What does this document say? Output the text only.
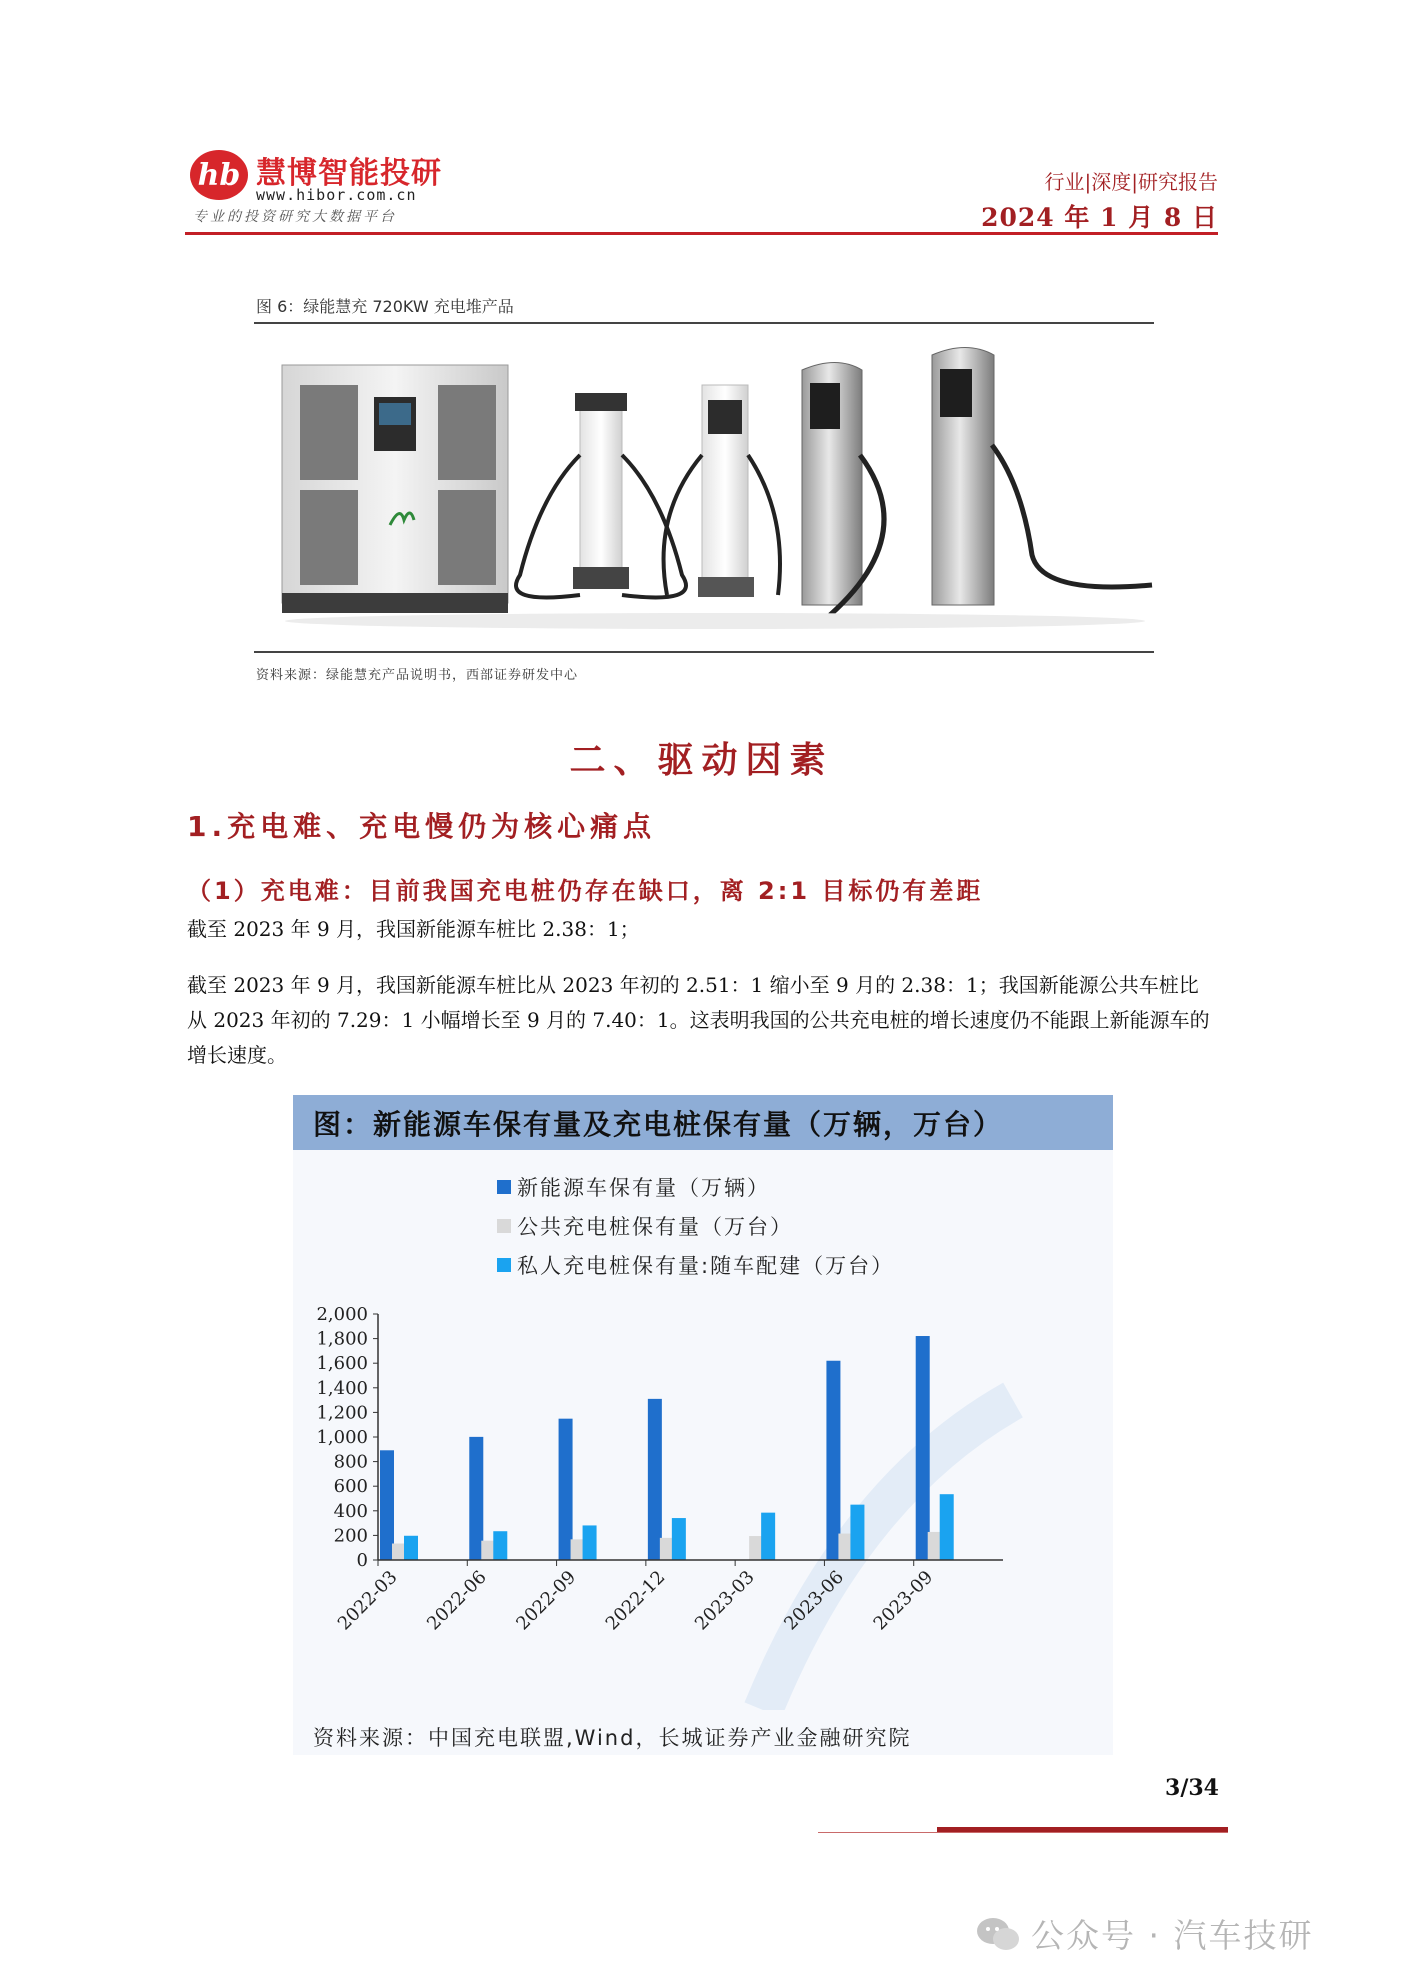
hb 慧博智能投研
www.hibor.com.cn
专业的投资研究大数据平台
行业|深度|研究报告
2024 年 1 月 8 日
图 6：绿能慧充 720KW 充电堆产品
资料来源：绿能慧充产品说明书，西部证券研发中心
二、驱动因素
1.充电难、充电慢仍为核心痛点
（1）充电难：目前我国充电桩仍存在缺口，离 2:1 目标仍有差距
截至 2023 年 9 月，我国新能源车桩比 2.38：1；
截至 2023 年 9 月，我国新能源车桩比从 2023 年初的 2.51：1 缩小至 9 月的 2.38：1；我国新能源公共车桩比从 2023 年初的 7.29：1 小幅增长至 9 月的 7.40：1。这表明我国的公共充电桩的增长速度仍不能跟上新能源车的增长速度。
图：新能源车保有量及充电桩保有量（万辆，万台）
新能源车保有量（万辆）
公共充电桩保有量（万台）
私人充电桩保有量:随车配建（万台）
2,000
1,800
1,600
1,400
1,200
1,000
800
600
400
200
0
2022-03 2022-06 2022-09 2022-12 2023-03 2023-06 2023-09
资料来源：中国充电联盟,Wind，长城证券产业金融研究院
3/34
公众号 · 汽车技研
